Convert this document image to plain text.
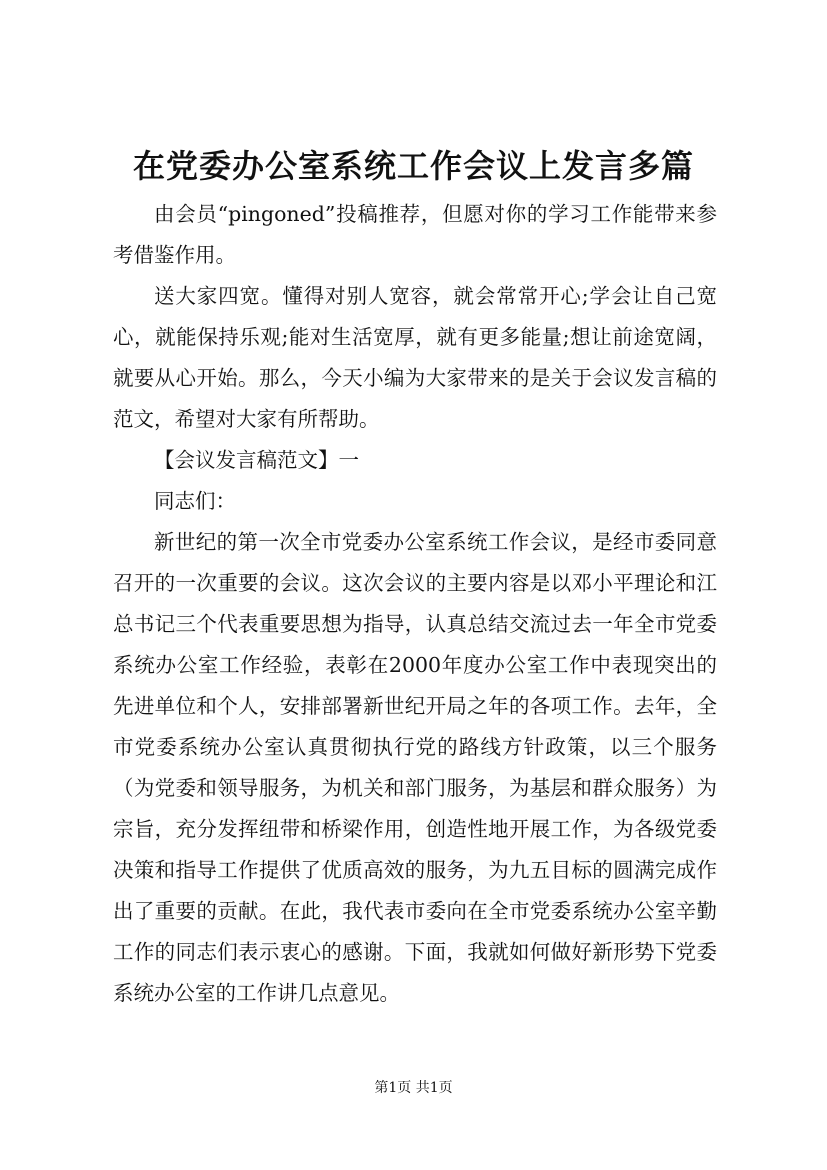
在党委办公室系统工作会议上发言多篇

由会员“pingoned”投稿推荐，但愿对你的学习工作能带来参考借鉴作用。

送大家四宽。懂得对别人宽容，就会常常开心;学会让自己宽心，就能保持乐观;能对生活宽厚，就有更多能量;想让前途宽阔，就要从心开始。那么，今天小编为大家带来的是关于会议发言稿的范文，希望对大家有所帮助。

【会议发言稿范文】一

同志们：

新世纪的第一次全市党委办公室系统工作会议，是经市委同意召开的一次重要的会议。这次会议的主要内容是以邓小平理论和江总书记三个代表重要思想为指导，认真总结交流过去一年全市党委系统办公室工作经验，表彰在2000年度办公室工作中表现突出的先进单位和个人，安排部署新世纪开局之年的各项工作。去年，全市党委系统办公室认真贯彻执行党的路线方针政策，以三个服务（为党委和领导服务，为机关和部门服务，为基层和群众服务）为宗旨，充分发挥纽带和桥梁作用，创造性地开展工作，为各级党委决策和指导工作提供了优质高效的服务，为九五目标的圆满完成作出了重要的贡献。在此，我代表市委向在全市党委系统办公室辛勤工作的同志们表示衷心的感谢。下面，我就如何做好新形势下党委系统办公室的工作讲几点意见。

第1页 共1页
